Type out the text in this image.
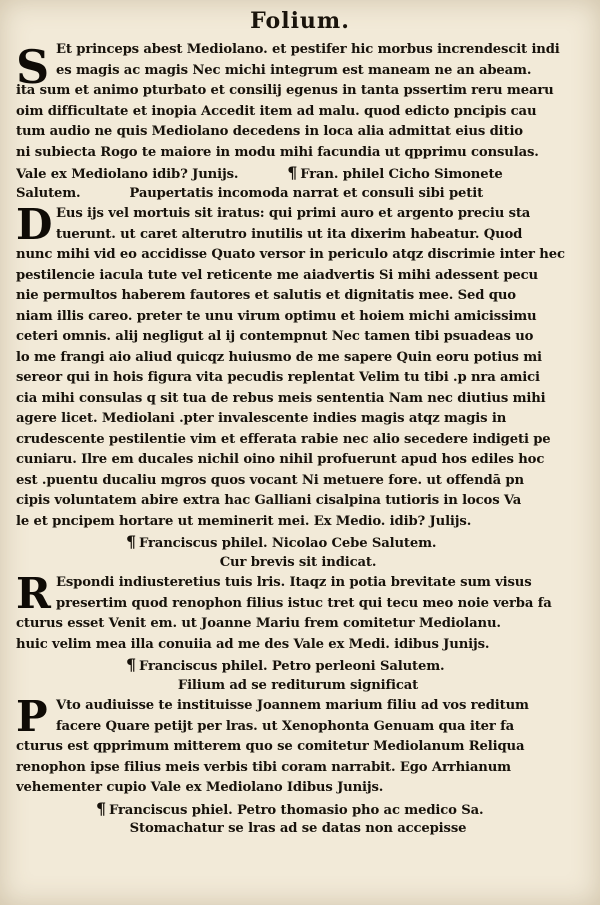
Folium.
S Et princeps abest Mediolano. et pestifer hic morbus increndescit indi
es magis ac magis Nec michi integrum est maneam ne an abeam.
ita sum et animo pturbato et consilij egenus in tanta pssertim reru mearu
oim difficultate et inopia Accedit item ad malu. quod edicto pncipis cau
tum audio ne quis Mediolano decedens in loca alia admittat eius ditio
ni subiecta Rogo te maiore in modu mihi facundia ut qpprimu consulas.
Vale ex Mediolano idib? Junijs.	¶ Fran. philel Cicho Simonete
Salutem.	Paupertatis incomoda narrat et consuli sibi petit
D Eus ijs vel mortuis sit iratus: qui primi auro et argento preciu sta
tuerunt. ut caret alterutro inutilis ut ita dixerim habeatur. Quod
nunc mihi vid eo accidisse Quato versor in periculo atqz discrimie inter hec
pestilencie iacula tute vel reticente me aiadvertis Si mihi adessent pecu
nie permultos haberem fautores et salutis et dignitatis mee. Sed quo
niam illis careo. preter te unu virum optimu et hoiem michi amicissimu
ceteri omnis. alij negligut al ij contempnut Nec tamen tibi psuadeas uo
lo me frangi aio aliud quicqz huiusmo de me sapere Quin eoru potius mi
sereor qui in hois figura vita pecudis replentat Velim tu tibi .p nra amici
cia mihi consulas q sit tua de rebus meis sententia Nam nec diutius mihi
agere licet. Mediolani .pter invalescente indies magis atqz magis in
crudescente pestilentie vim et efferata rabie nec alio secedere indigeti pe
cuniaru. Ilre em ducales nichil oino nihil profuerunt apud hos ediles hoc
est .puentu ducaliu mgros quos vocant Ni metuere fore. ut offendā pn
cipis voluntatem abire extra hac Galliani cisalpina tutioris in locos Va
le et pncipem hortare ut meminerit mei. Ex Medio. idib? Julijs.
¶ Franciscus philel. Nicolao Cebe Salutem.
Cur brevis sit indicat.
R Espondi indiusteretius tuis lris. Itaqz in potia brevitate sum visus
presertim quod renophon filius istuc tret qui tecu meo noie verba fa
cturus esset Venit em. ut Joanne Mariu frem comitetur Mediolanu.
huic velim mea illa conuiia ad me des Vale ex Medi. idibus Junijs.
¶ Franciscus philel. Petro perleoni Salutem.
Filium ad se rediturum significat
P Vto audiuisse te instituisse Joannem marium filiu ad vos reditum
facere Quare petijt per lras. ut Xenophonta Genuam qua iter fa
cturus est qpprimum mitterem quo se comitetur Mediolanum Reliqua
renophon ipse filius meis verbis tibi coram narrabit. Ego Arrhianum
vehementer cupio Vale ex Mediolano Idibus Junijs.
¶ Franciscus phiel. Petro thomasio pho ac medico Sa.
Stomachatur se lras ad se datas non accepisse
